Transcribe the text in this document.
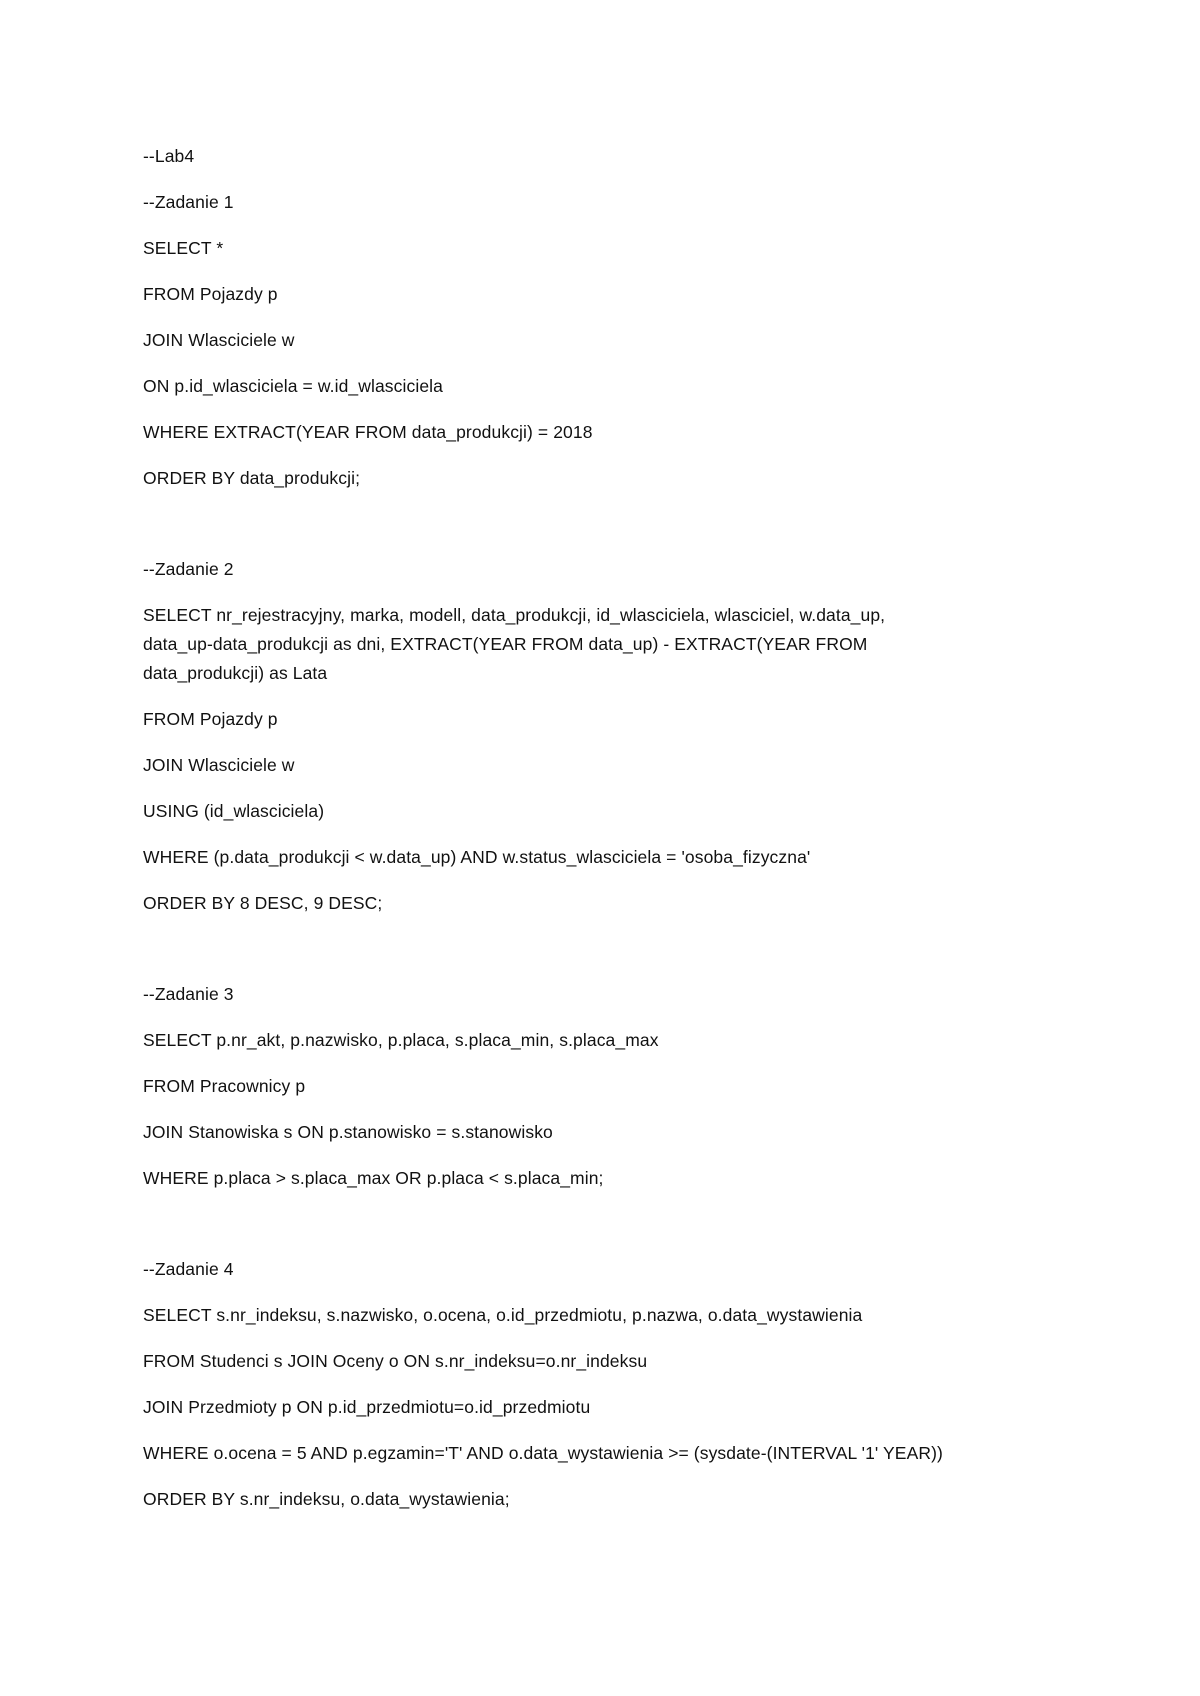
--Lab4
--Zadanie 1
SELECT *
FROM Pojazdy p
JOIN Wlasciciele w
ON p.id_wlasciciela = w.id_wlasciciela
WHERE EXTRACT(YEAR FROM data_produkcji) = 2018
ORDER BY data_produkcji;
--Zadanie 2
SELECT nr_rejestracyjny, marka, modell, data_produkcji, id_wlasciciela, wlasciciel, w.data_up,
data_up-data_produkcji as dni, EXTRACT(YEAR FROM data_up) - EXTRACT(YEAR FROM
data_produkcji) as Lata
FROM Pojazdy p
JOIN Wlasciciele w
USING (id_wlasciciela)
WHERE (p.data_produkcji < w.data_up) AND w.status_wlasciciela = 'osoba_fizyczna'
ORDER BY 8 DESC, 9 DESC;
--Zadanie 3
SELECT p.nr_akt, p.nazwisko, p.placa, s.placa_min, s.placa_max
FROM Pracownicy p
JOIN Stanowiska s ON p.stanowisko = s.stanowisko
WHERE p.placa > s.placa_max OR p.placa < s.placa_min;
--Zadanie 4
SELECT s.nr_indeksu, s.nazwisko, o.ocena, o.id_przedmiotu, p.nazwa, o.data_wystawienia
FROM Studenci s JOIN Oceny o ON s.nr_indeksu=o.nr_indeksu
JOIN Przedmioty p ON p.id_przedmiotu=o.id_przedmiotu
WHERE o.ocena = 5 AND p.egzamin='T' AND o.data_wystawienia >= (sysdate-(INTERVAL '1' YEAR))
ORDER BY s.nr_indeksu, o.data_wystawienia;
